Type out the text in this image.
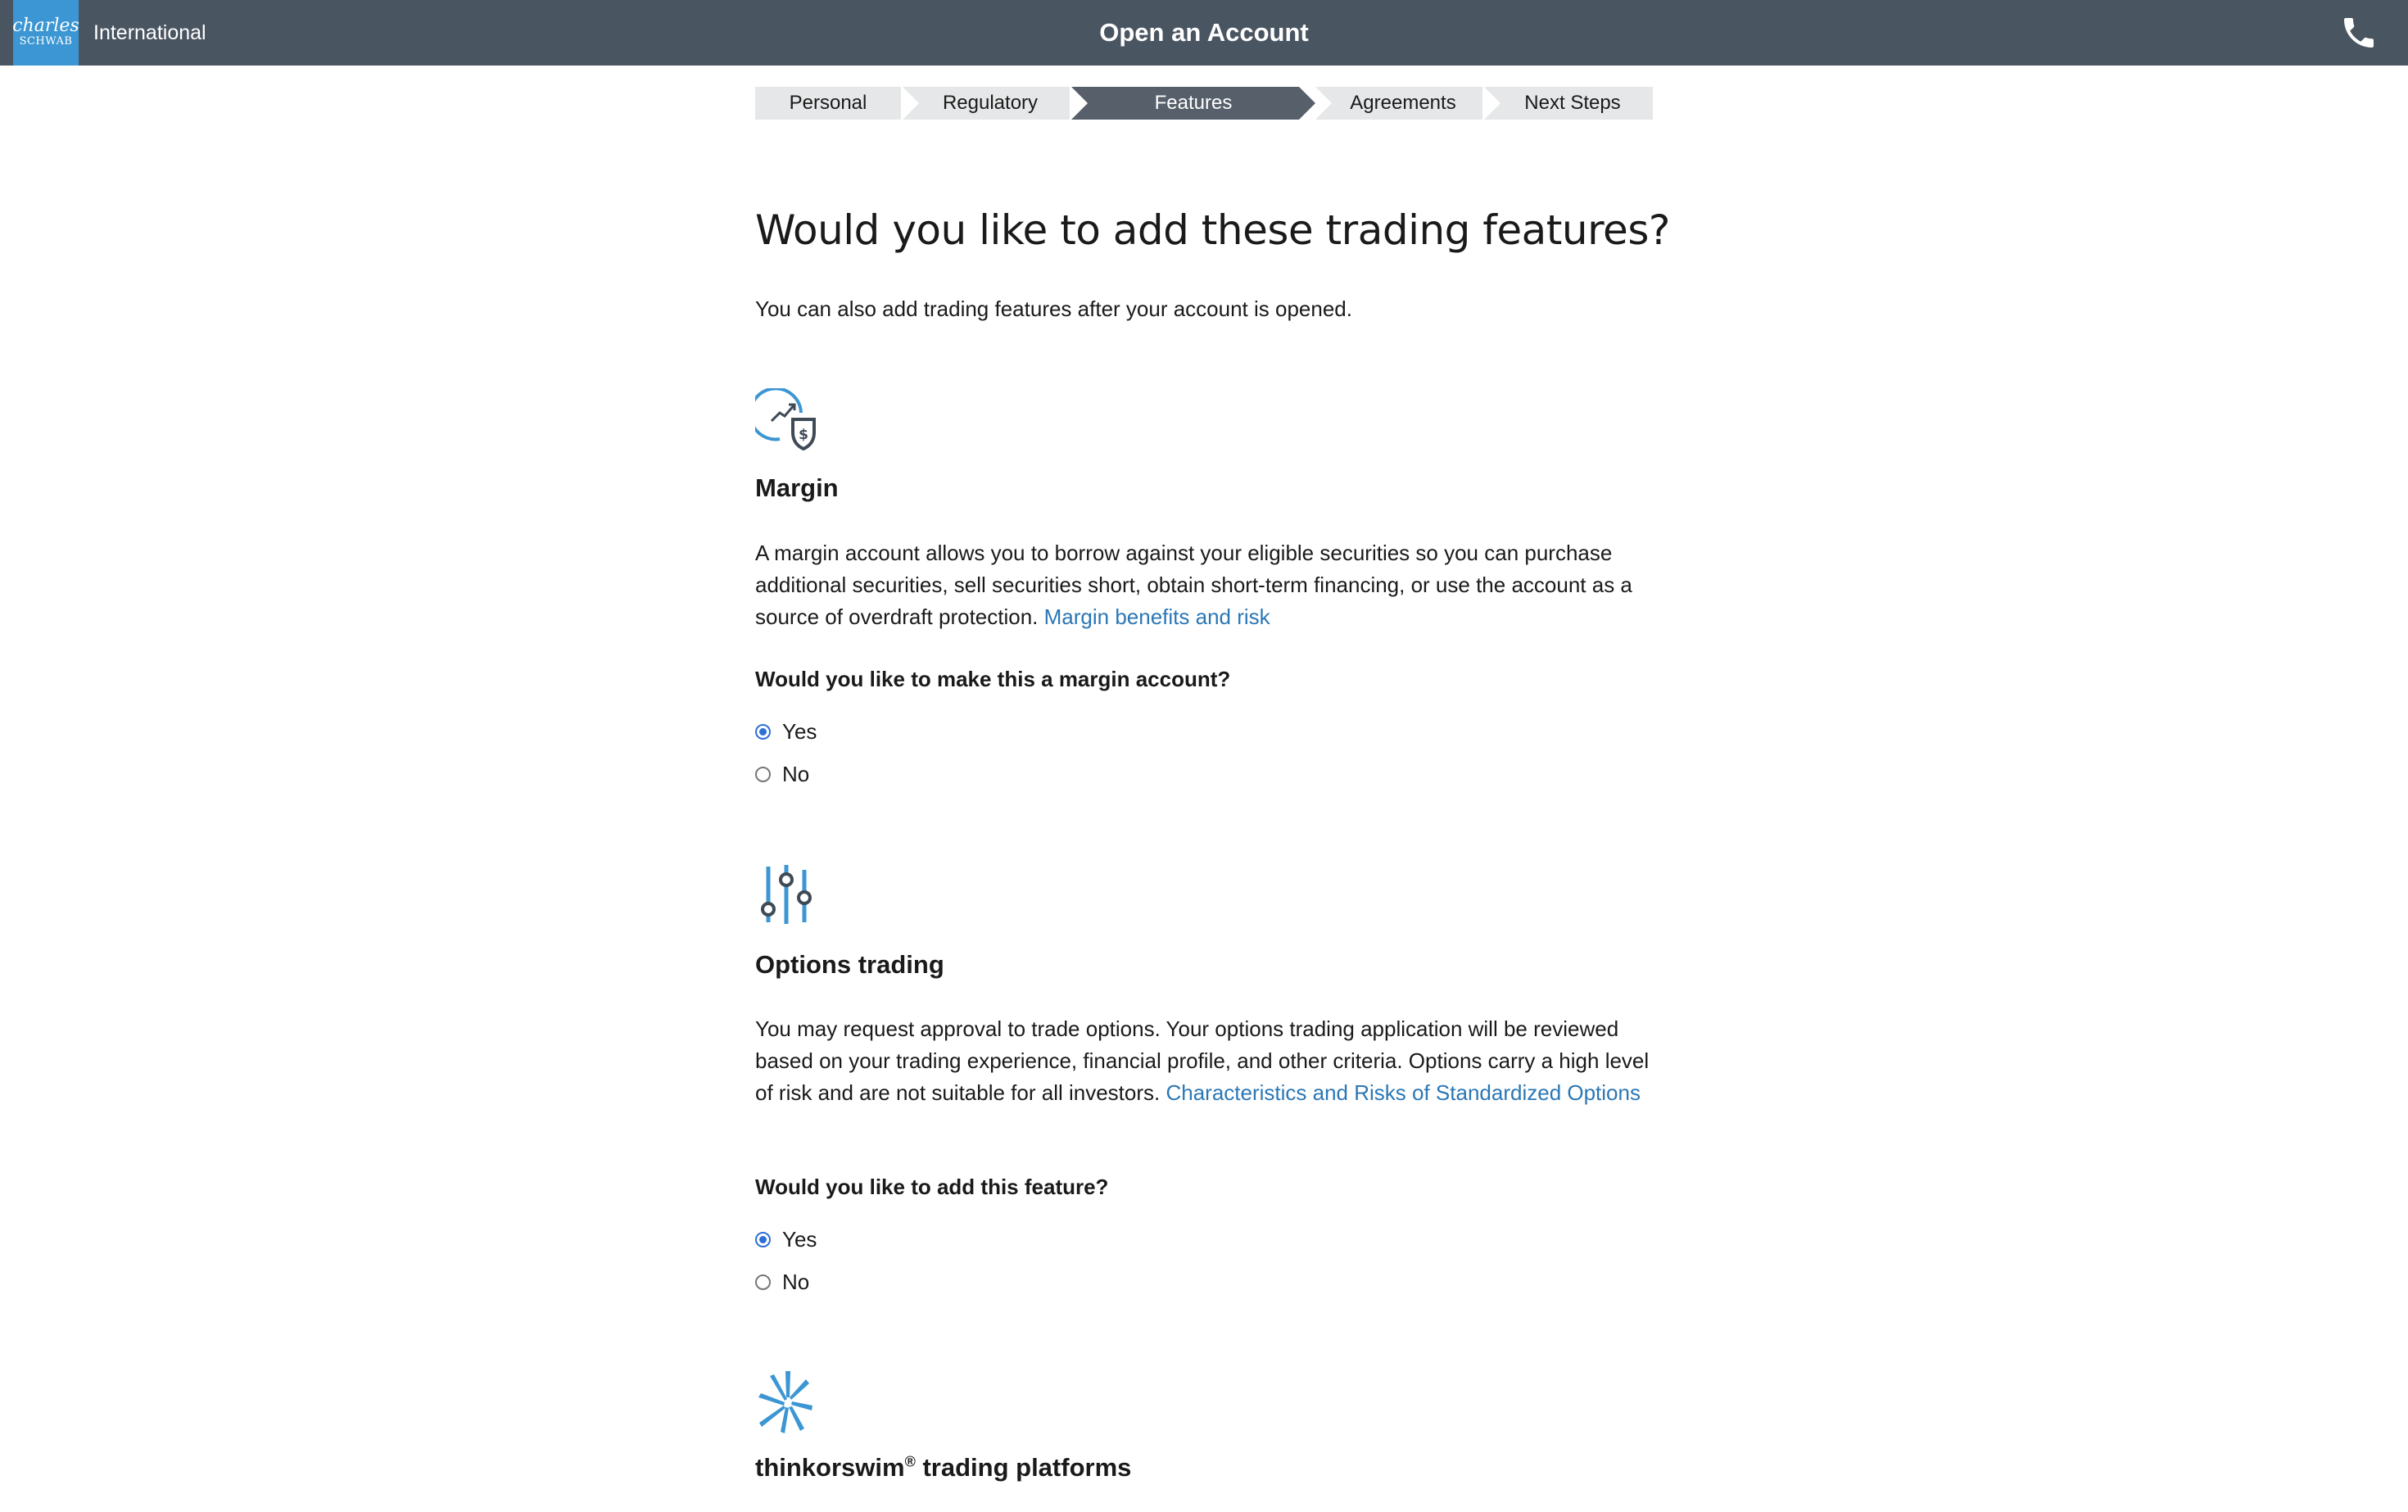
charles
SCHWAB International	Open an Account
Personal	Regulatory	Features	Agreements	Next Steps
Would you like to add these trading features?

You can also add trading features after your account is opened.

$
Margin

A margin account allows you to borrow against your eligible securities so you can purchase additional securities, sell securities short, obtain short-term financing, or use the account as a source of overdraft protection. Margin benefits and risk

Would you like to make this a margin account?
Yes
No
Options trading

You may request approval to trade options. Your options trading application will be reviewed based on your trading experience, financial profile, and other criteria. Options carry a high level of risk and are not suitable for all investors. Characteristics and Risks of Standardized Options

Would you like to add this feature?
Yes
No
thinkorswim® trading platforms
